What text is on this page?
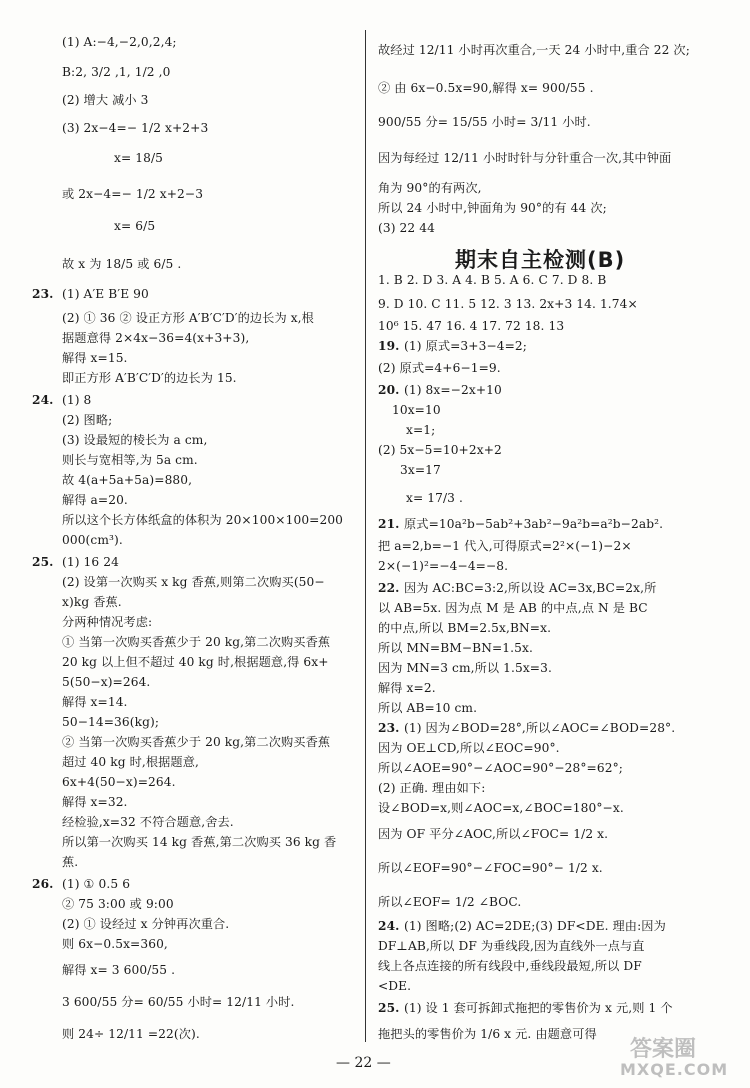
(1) A:−4,−2,0,2,4;
B:2, 3/2 ,1, 1/2 ,0
(2) 增大 减小 3
(3) 2x−4=− 1/2 x+2+3
x= 18/5
或 2x−4=− 1/2 x+2−3
x= 6/5
故 x 为 18/5 或 6/5 .
23. (1) A′E B′E 90
(2) ① 36 ② 设正方形 A′B′C′D′的边长为 x,根
据题意得 2×4x−36=4(x+3+3),
解得 x=15.
即正方形 A′B′C′D′的边长为 15.
24. (1) 8
(2) 图略;
(3) 设最短的棱长为 a cm,
则长与宽相等,为 5a cm.
故 4(a+5a+5a)=880,
解得 a=20.
所以这个长方体纸盒的体积为 20×100×100=200
000(cm³).
25. (1) 16 24
(2) 设第一次购买 x kg 香蕉,则第二次购买(50−
x)kg 香蕉.
分两种情况考虑:
① 当第一次购买香蕉少于 20 kg,第二次购买香蕉
20 kg 以上但不超过 40 kg 时,根据题意,得 6x+
5(50−x)=264.
解得 x=14.
50−14=36(kg);
② 当第一次购买香蕉少于 20 kg,第二次购买香蕉
超过 40 kg 时,根据题意,
6x+4(50−x)=264.
解得 x=32.
经检验,x=32 不符合题意,舍去.
所以第一次购买 14 kg 香蕉,第二次购买 36 kg 香
蕉.
26. (1) ① 0.5 6
② 75 3:00 或 9:00
(2) ① 设经过 x 分钟再次重合.
则 6x−0.5x=360,
解得 x= 3 600/55 .
3 600/55 分= 60/55 小时= 12/11 小时.
则 24÷ 12/11 =22(次).
故经过 12/11 小时再次重合,一天 24 小时中,重合 22 次;
② 由 6x−0.5x=90,解得 x= 900/55 .
900/55 分= 15/55 小时= 3/11 小时.
因为每经过 12/11 小时时针与分针重合一次,其中钟面
角为 90°的有两次,
所以 24 小时中,钟面角为 90°的有 44 次;
(3) 22 44
1. B 2. D 3. A 4. B 5. A 6. C 7. D 8. B
9. D 10. C 11. 5 12. 3 13. 2x+3 14. 1.74×
10⁶ 15. 47 16. 4 17. 72 18. 13
19. (1) 原式=3+3−4=2;
(2) 原式=4+6−1=9.
20. (1) 8x=−2x+10
10x=10
x=1;
(2) 5x−5=10+2x+2
3x=17
x= 17/3 .
21. 原式=10a²b−5ab²+3ab²−9a²b=a²b−2ab².
把 a=2,b=−1 代入,可得原式=2²×(−1)−2×
2×(−1)²=−4−4=−8.
22. 因为 AC:BC=3:2,所以设 AC=3x,BC=2x,所
以 AB=5x. 因为点 M 是 AB 的中点,点 N 是 BC
的中点,所以 BM=2.5x,BN=x.
所以 MN=BM−BN=1.5x.
因为 MN=3 cm,所以 1.5x=3.
解得 x=2.
所以 AB=10 cm.
23. (1) 因为∠BOD=28°,所以∠AOC=∠BOD=28°.
因为 OE⊥CD,所以∠EOC=90°.
所以∠AOE=90°−∠AOC=90°−28°=62°;
(2) 正确. 理由如下:
设∠BOD=x,则∠AOC=x,∠BOC=180°−x.
因为 OF 平分∠AOC,所以∠FOC= 1/2 x.
所以∠EOF=90°−∠FOC=90°− 1/2 x.
所以∠EOF= 1/2 ∠BOC.
24. (1) 图略;(2) AC=2DE;(3) DF<DE. 理由:因为
DF⊥AB,所以 DF 为垂线段,因为直线外一点与直
线上各点连接的所有线段中,垂线段最短,所以 DF
<DE.
25. (1) 设 1 套可拆卸式拖把的零售价为 x 元,则 1 个
拖把头的零售价为 1/6 x 元. 由题意可得
期末自主检测(B)
— 22 —
答案圈
MXQE.COM
